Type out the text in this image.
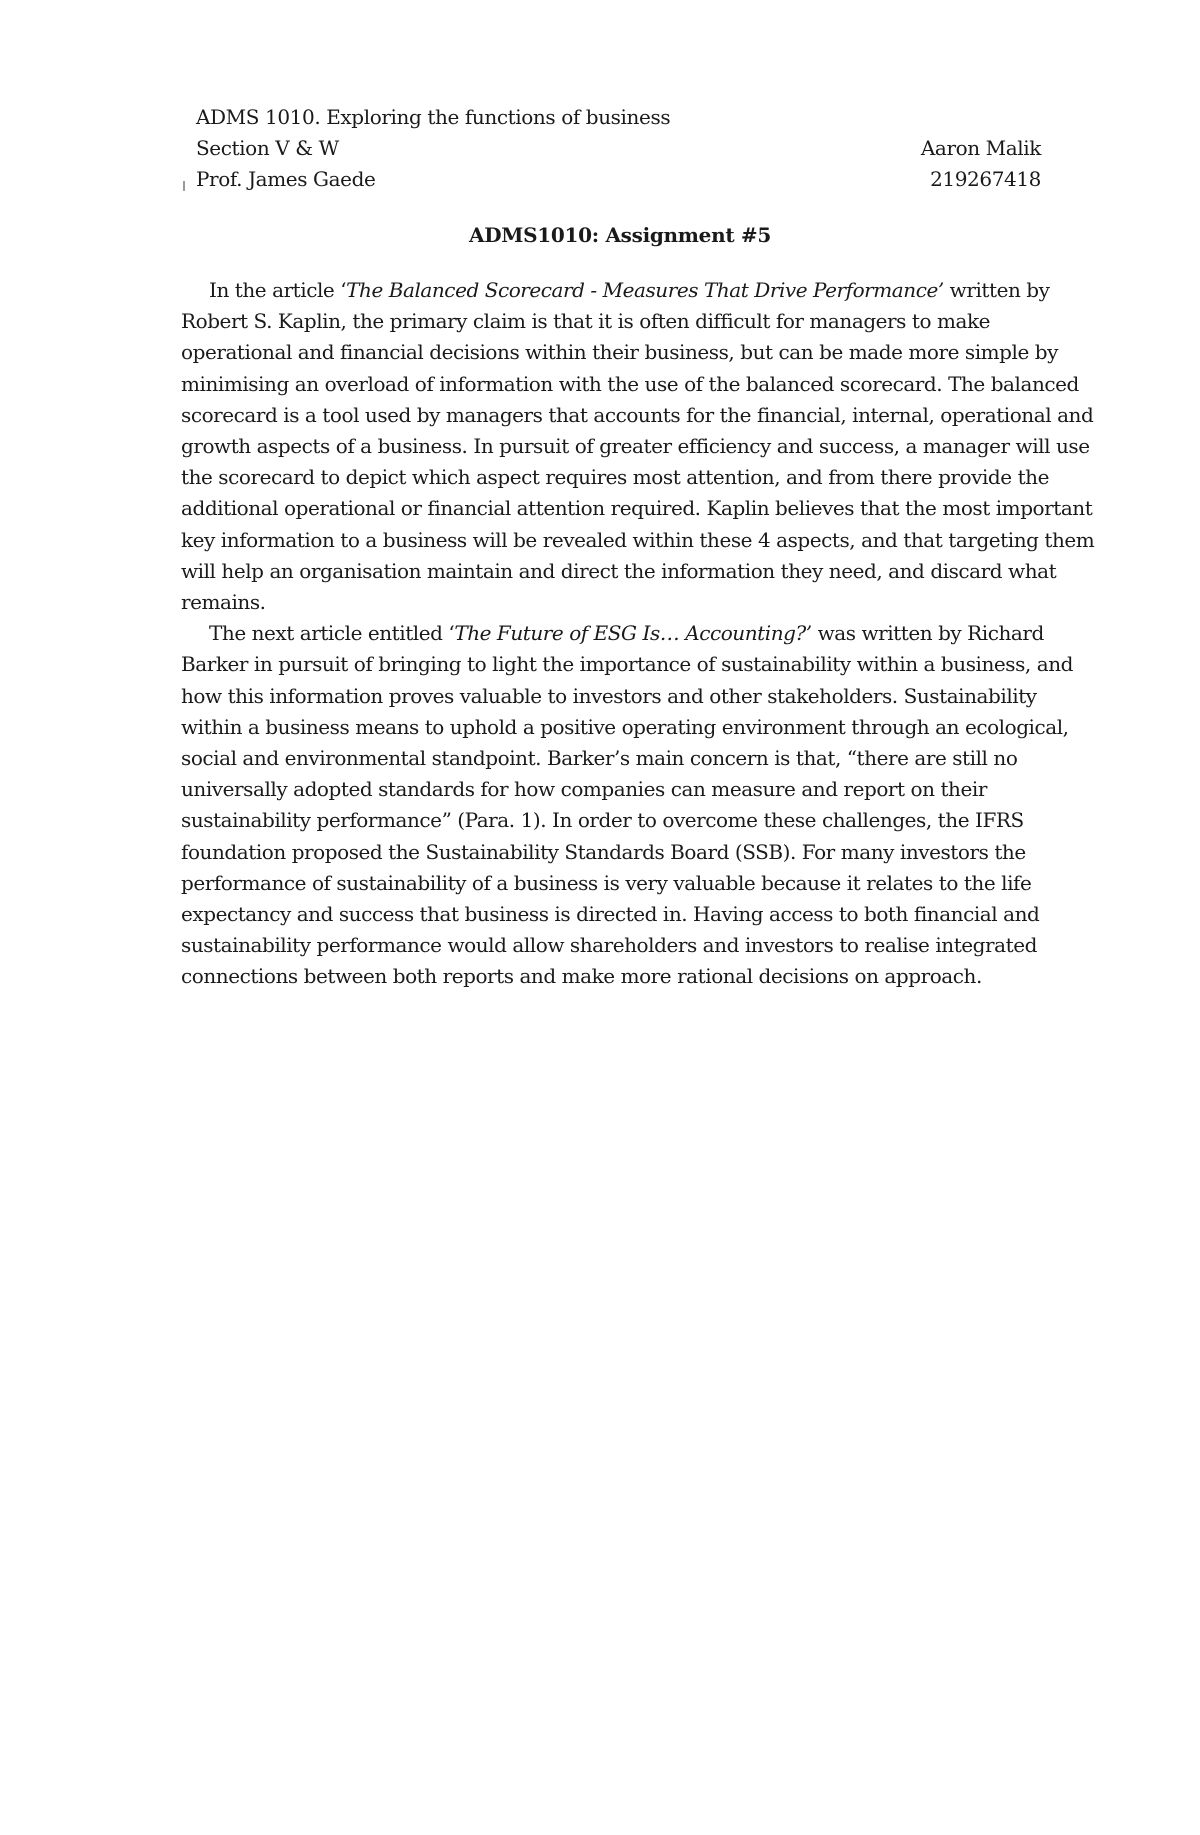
ADMS 1010. Exploring the functions of business
Section V & W
Prof. James Gaede
Aaron Malik
219267418
ADMS1010: Assignment #5

In the article ‘The Balanced Scorecard - Measures That Drive Performance’ written by
Robert S. Kaplin, the primary claim is that it is often difficult for managers to make
operational and financial decisions within their business, but can be made more simple by
minimising an overload of information with the use of the balanced scorecard. The balanced
scorecard is a tool used by managers that accounts for the financial, internal, operational and
growth aspects of a business. In pursuit of greater efficiency and success, a manager will use
the scorecard to depict which aspect requires most attention, and from there provide the
additional operational or financial attention required. Kaplin believes that the most important
key information to a business will be revealed within these 4 aspects, and that targeting them
will help an organisation maintain and direct the information they need, and discard what
remains.

The next article entitled ‘The Future of ESG Is… Accounting?’ was written by Richard
Barker in pursuit of bringing to light the importance of sustainability within a business, and
how this information proves valuable to investors and other stakeholders. Sustainability
within a business means to uphold a positive operating environment through an ecological,
social and environmental standpoint. Barker’s main concern is that, “there are still no
universally adopted standards for how companies can measure and report on their
sustainability performance” (Para. 1). In order to overcome these challenges, the IFRS
foundation proposed the Sustainability Standards Board (SSB). For many investors the
performance of sustainability of a business is very valuable because it relates to the life
expectancy and success that business is directed in. Having access to both financial and
sustainability performance would allow shareholders and investors to realise integrated
connections between both reports and make more rational decisions on approach.
